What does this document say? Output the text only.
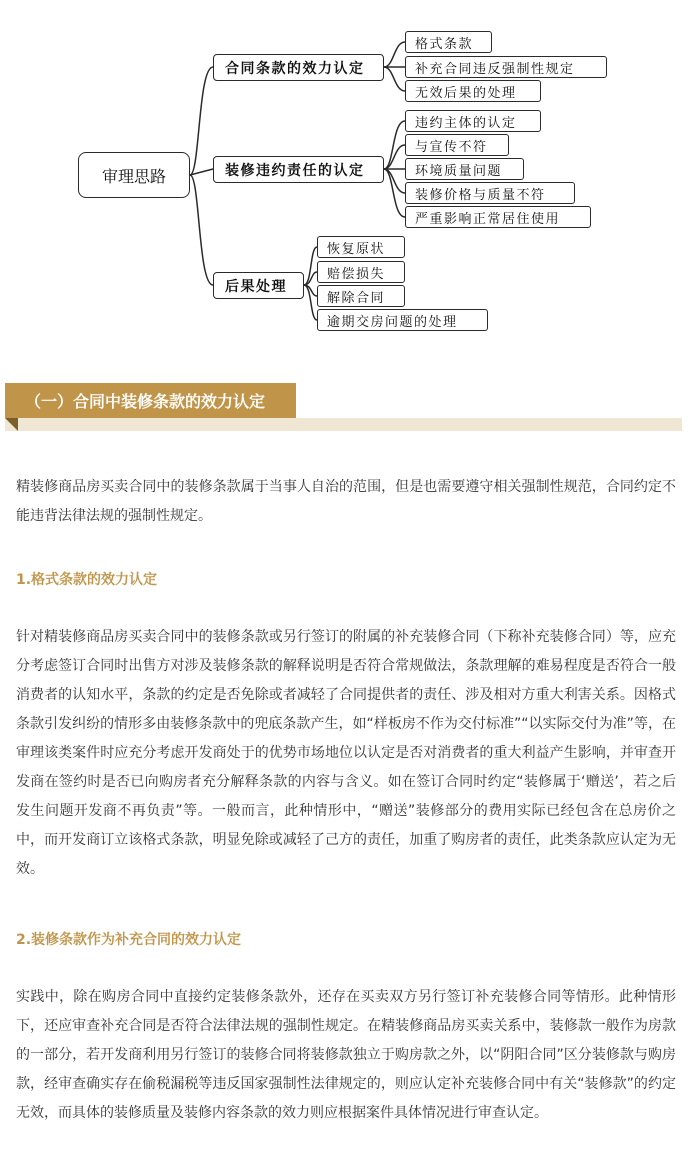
审理思路
合同条款的效力认定
装修违约责任的认定
后果处理
格式条款
补充合同违反强制性规定
无效后果的处理
违约主体的认定
与宣传不符
环境质量问题
装修价格与质量不符
严重影响正常居住使用
恢复原状
赔偿损失
解除合同
逾期交房问题的处理
（一）合同中装修条款的效力认定

精装修商品房买卖合同中的装修条款属于当事人自治的范围，但是也需要遵守相关强制性规范，合同约定不能违背法律法规的强制性规定。

1.格式条款的效力认定

针对精装修商品房买卖合同中的装修条款或另行签订的附属的补充装修合同（下称补充装修合同）等，应充分考虑签订合同时出售方对涉及装修条款的解释说明是否符合常规做法，条款理解的难易程度是否符合一般消费者的认知水平，条款的约定是否免除或者减轻了合同提供者的责任、涉及相对方重大利害关系。因格式条款引发纠纷的情形多由装修条款中的兜底条款产生，如“样板房不作为交付标准”“以实际交付为准”等，在审理该类案件时应充分考虑开发商处于的优势市场地位以认定是否对消费者的重大利益产生影响，并审查开发商在签约时是否已向购房者充分解释条款的内容与含义。如在签订合同时约定“装修属于‘赠送’，若之后发生问题开发商不再负责”等。一般而言，此种情形中，“赠送”装修部分的费用实际已经包含在总房价之中，而开发商订立该格式条款，明显免除或减轻了己方的责任，加重了购房者的责任，此类条款应认定为无效。

2.装修条款作为补充合同的效力认定

实践中，除在购房合同中直接约定装修条款外，还存在买卖双方另行签订补充装修合同等情形。此种情形下，还应审查补充合同是否符合法律法规的强制性规定。在精装修商品房买卖关系中，装修款一般作为房款的一部分，若开发商利用另行签订的装修合同将装修款独立于购房款之外，以“阴阳合同”区分装修款与购房款，经审查确实存在偷税漏税等违反国家强制性法律规定的，则应认定补充装修合同中有关“装修款”的约定无效，而具体的装修质量及装修内容条款的效力则应根据案件具体情况进行审查认定。
